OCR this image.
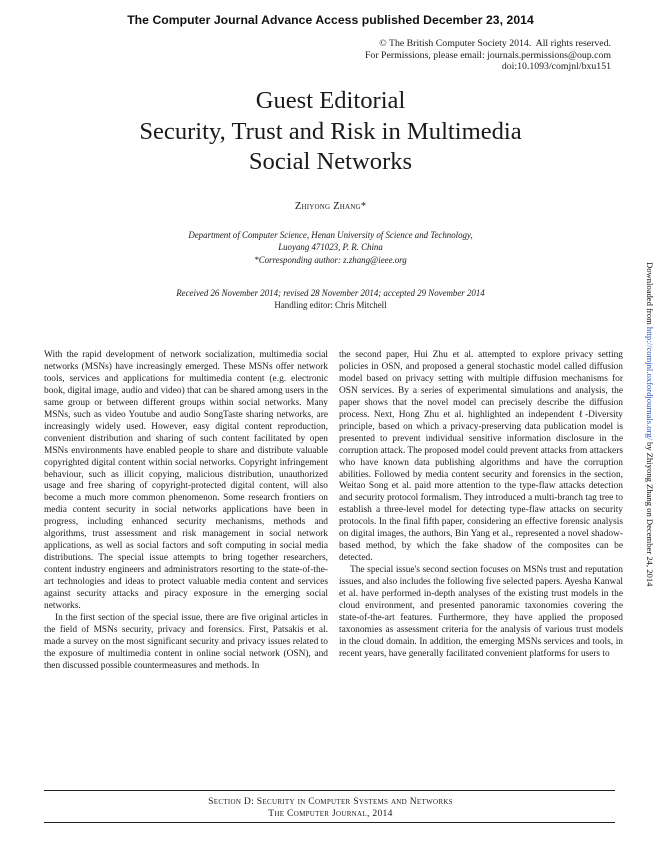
The Computer Journal Advance Access published December 23, 2014
© The British Computer Society 2014.  All rights reserved.
For Permissions, please email: journals.permissions@oup.com
doi:10.1093/comjnl/bxu151
Guest Editorial
Security, Trust and Risk in Multimedia
Social Networks
Zhiyong Zhang*
Department of Computer Science, Henan University of Science and Technology,
Luoyang 471023, P. R. China
*Corresponding author: z.zhang@ieee.org
Received 26 November 2014; revised 28 November 2014; accepted 29 November 2014
Handling editor: Chris Mitchell	Downloaded from http://comjnl.oxfordjournals.org/ by Zhiyong Zhang on December 24, 2014

With the rapid development of network socialization, multimedia social networks (MSNs) have increasingly emerged. These MSNs offer network tools, services and applications for multimedia content (e.g. electronic book, digital image, audio and video) that can be shared among users in the same group or between different groups within social networks. Many MSNs, such as video Youtube and audio SongTaste sharing networks, are increasingly widely used. However, easy digital content reproduction, convenient distribution and sharing of such content facilitated by open MSNs environments have enabled people to share and distribute valuable copyrighted digital content within social networks. Copyright infringement behaviour, such as illicit copying, malicious distribution, unauthorized usage and free sharing of copyright-protected digital content, will also become a much more common phenomenon. Some research frontiers on media content security in social networks applications have been in progress, including enhanced security mechanisms, methods and algorithms, trust assessment and risk management in social network applications, as well as social factors and soft computing in social media distributions. The special issue attempts to bring together researchers, content industry engineers and administrators resorting to the state-of-the-art technologies and ideas to protect valuable media content and services against security attacks and piracy exposure in the emerging social networks.

In the first section of the special issue, there are five original articles in the field of MSNs security, privacy and forensics. First, Patsakis et al. made a survey on the most significant security and privacy issues related to the exposure of multimedia content in online social network (OSN), and then discussed possible countermeasures and methods. In

the second paper, Hui Zhu et al. attempted to explore privacy setting policies in OSN, and proposed a general stochastic model called diffusion model based on privacy setting with multiple diffusion mechanisms for OSN services. By a series of experimental simulations and analysis, the paper shows that the novel model can precisely describe the diffusion process. Next, Hong Zhu et al. highlighted an independent ℓ-Diversity principle, based on which a privacy-preserving data publication model is presented to prevent individual sensitive information disclosure in the corruption attack. The proposed model could prevent attacks from attackers who have known data publishing algorithms and have the corruption abilities. Followed by media content security and forensics in the section, Weitao Song et al. paid more attention to the type-flaw attacks detection and security protocol formalism. They introduced a multi-branch tag tree to establish a three-level model for detecting type-flaw attacks on security protocols. In the final fifth paper, considering an effective forensic analysis on digital images, the authors, Bin Yang et al., represented a novel shadow-based method, by which the fake shadow of the composites can be detected.

The special issue's second section focuses on MSNs trust and reputation issues, and also includes the following five selected papers. Ayesha Kanwal et al. have performed in-depth analyses of the existing trust models in the cloud environment, and presented panoramic taxonomies covering the state-of-the-art features. Furthermore, they have applied the proposed taxonomies as assessment criteria for the analysis of various trust models in the cloud domain. In addition, the emerging MSNs services and tools, in recent years, have generally facilitated convenient platforms for users to

Section D: Security in Computer Systems and Networks
The Computer Journal, 2014
